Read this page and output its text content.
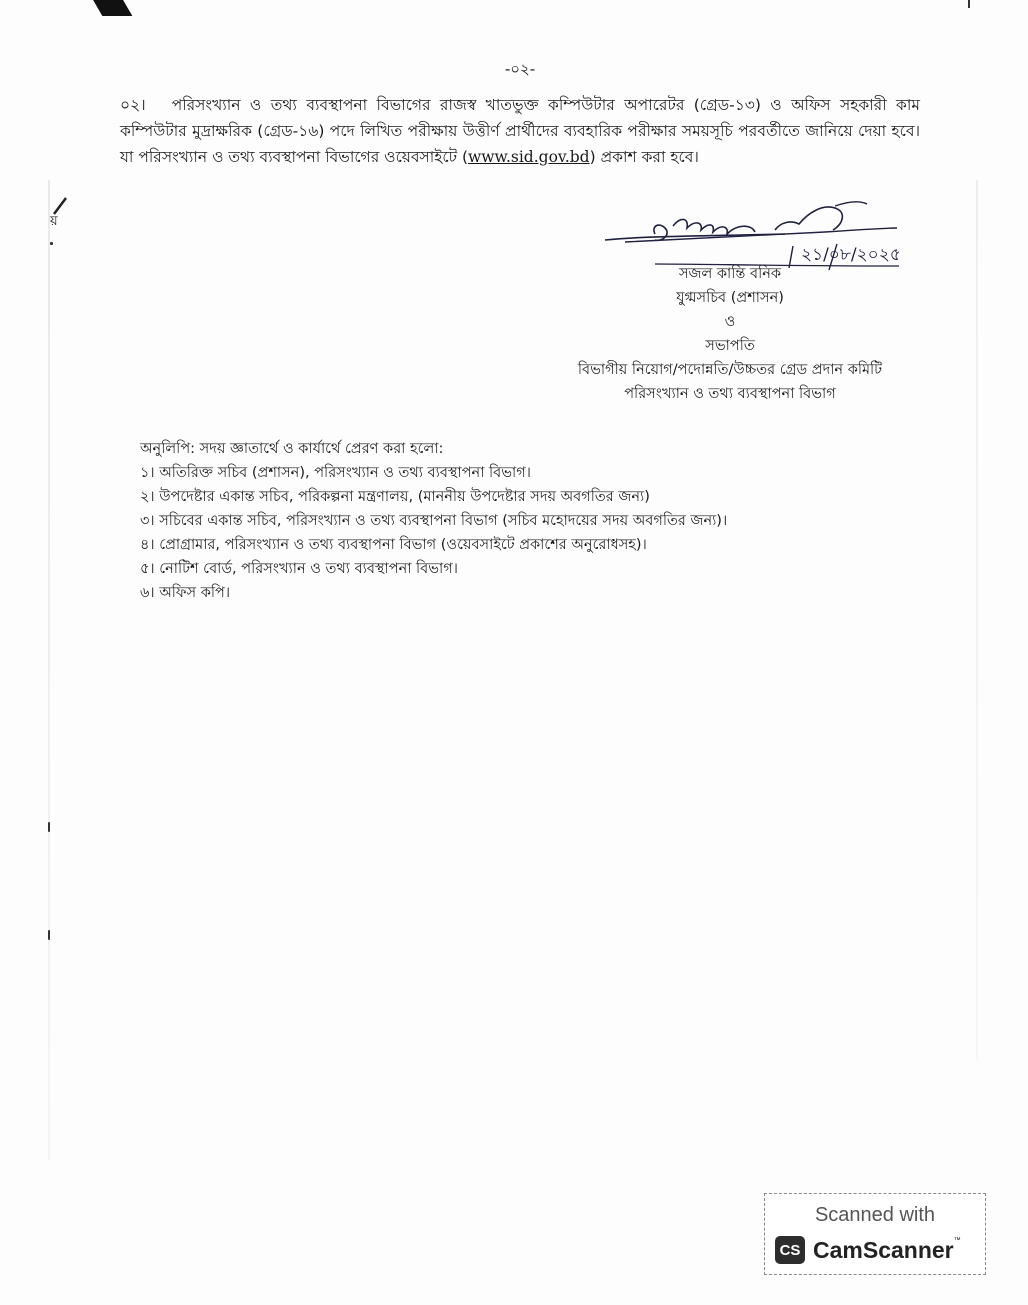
-০২-
০২। পরিসংখ্যান ও তথ্য ব্যবস্থাপনা বিভাগের রাজস্ব খাতভুক্ত কম্পিউটার অপারেটর (গ্রেড-১৩) ও অফিস সহকারী কাম কম্পিউটার মুদ্রাক্ষরিক (গ্রেড-১৬) পদে লিখিত পরীক্ষায় উত্তীর্ণ প্রার্থীদের ব্যবহারিক পরীক্ষার সময়সূচি পরবর্তীতে জানিয়ে দেয়া হবে। যা পরিসংখ্যান ও তথ্য ব্যবস্থাপনা বিভাগের ওয়েবসাইটে (www.sid.gov.bd) প্রকাশ করা হবে।
য়
২১/০৮/২০২৫
সজল কান্তি বনিক
যুগ্মসচিব (প্রশাসন)
ও
সভাপতি
বিভাগীয় নিয়োগ/পদোন্নতি/উচ্চতর গ্রেড প্রদান কমিটি
পরিসংখ্যান ও তথ্য ব্যবস্থাপনা বিভাগ
অনুলিপি: সদয় জ্ঞাতার্থে ও কার্যার্থে প্রেরণ করা হলো:
১। অতিরিক্ত সচিব (প্রশাসন), পরিসংখ্যান ও তথ্য ব্যবস্থাপনা বিভাগ।
২। উপদেষ্টার একান্ত সচিব, পরিকল্পনা মন্ত্রণালয়, (মাননীয় উপদেষ্টার সদয় অবগতির জন্য)
৩। সচিবের একান্ত সচিব, পরিসংখ্যান ও তথ্য ব্যবস্থাপনা বিভাগ (সচিব মহোদয়ের সদয় অবগতির জন্য)।
৪। প্রোগ্রামার, পরিসংখ্যান ও তথ্য ব্যবস্থাপনা বিভাগ (ওয়েবসাইটে প্রকাশের অনুরোধসহ)।
৫। নোটিশ বোর্ড, পরিসংখ্যান ও তথ্য ব্যবস্থাপনা বিভাগ।
৬। অফিস কপি।
Scanned with
CS CamScanner™
